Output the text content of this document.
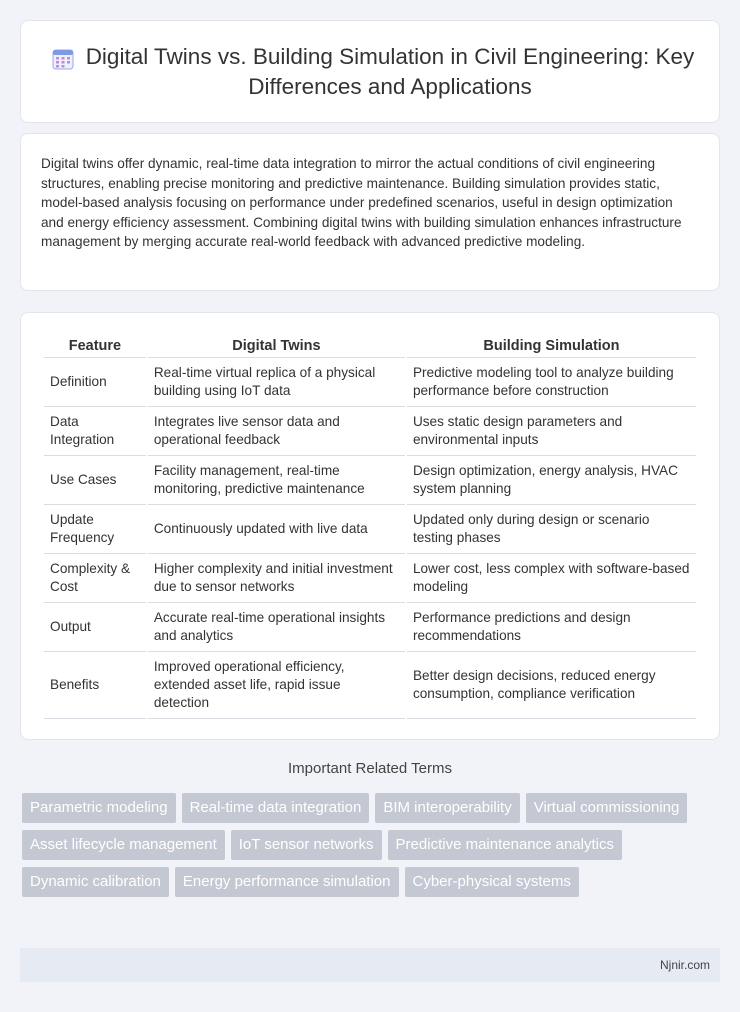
Digital Twins vs. Building Simulation in Civil Engineering: Key Differences and Applications

Digital twins offer dynamic, real-time data integration to mirror the actual conditions of civil engineering structures, enabling precise monitoring and predictive maintenance. Building simulation provides static, model-based analysis focusing on performance under predefined scenarios, useful in design optimization and energy efficiency assessment. Combining digital twins with building simulation enhances infrastructure management by merging accurate real-world feedback with advanced predictive modeling.

Feature	Digital Twins	Building Simulation
Definition	Real-time virtual replica of a physical building using IoT data	Predictive modeling tool to analyze building performance before construction
Data Integration	Integrates live sensor data and operational feedback	Uses static design parameters and environmental inputs
Use Cases	Facility management, real-time monitoring, predictive maintenance	Design optimization, energy analysis, HVAC system planning
Update Frequency	Continuously updated with live data	Updated only during design or scenario testing phases
Complexity & Cost	Higher complexity and initial investment due to sensor networks	Lower cost, less complex with software-based modeling
Output	Accurate real-time operational insights and analytics	Performance predictions and design recommendations
Benefits	Improved operational efficiency, extended asset life, rapid issue detection	Better design decisions, reduced energy consumption, compliance verification
Important Related Terms
Parametric modeling	Real-time data integration	BIM interoperability	Virtual commissioning
Asset lifecycle management	IoT sensor networks	Predictive maintenance analytics
Dynamic calibration	Energy performance simulation	Cyber-physical systems
Njnir.com
